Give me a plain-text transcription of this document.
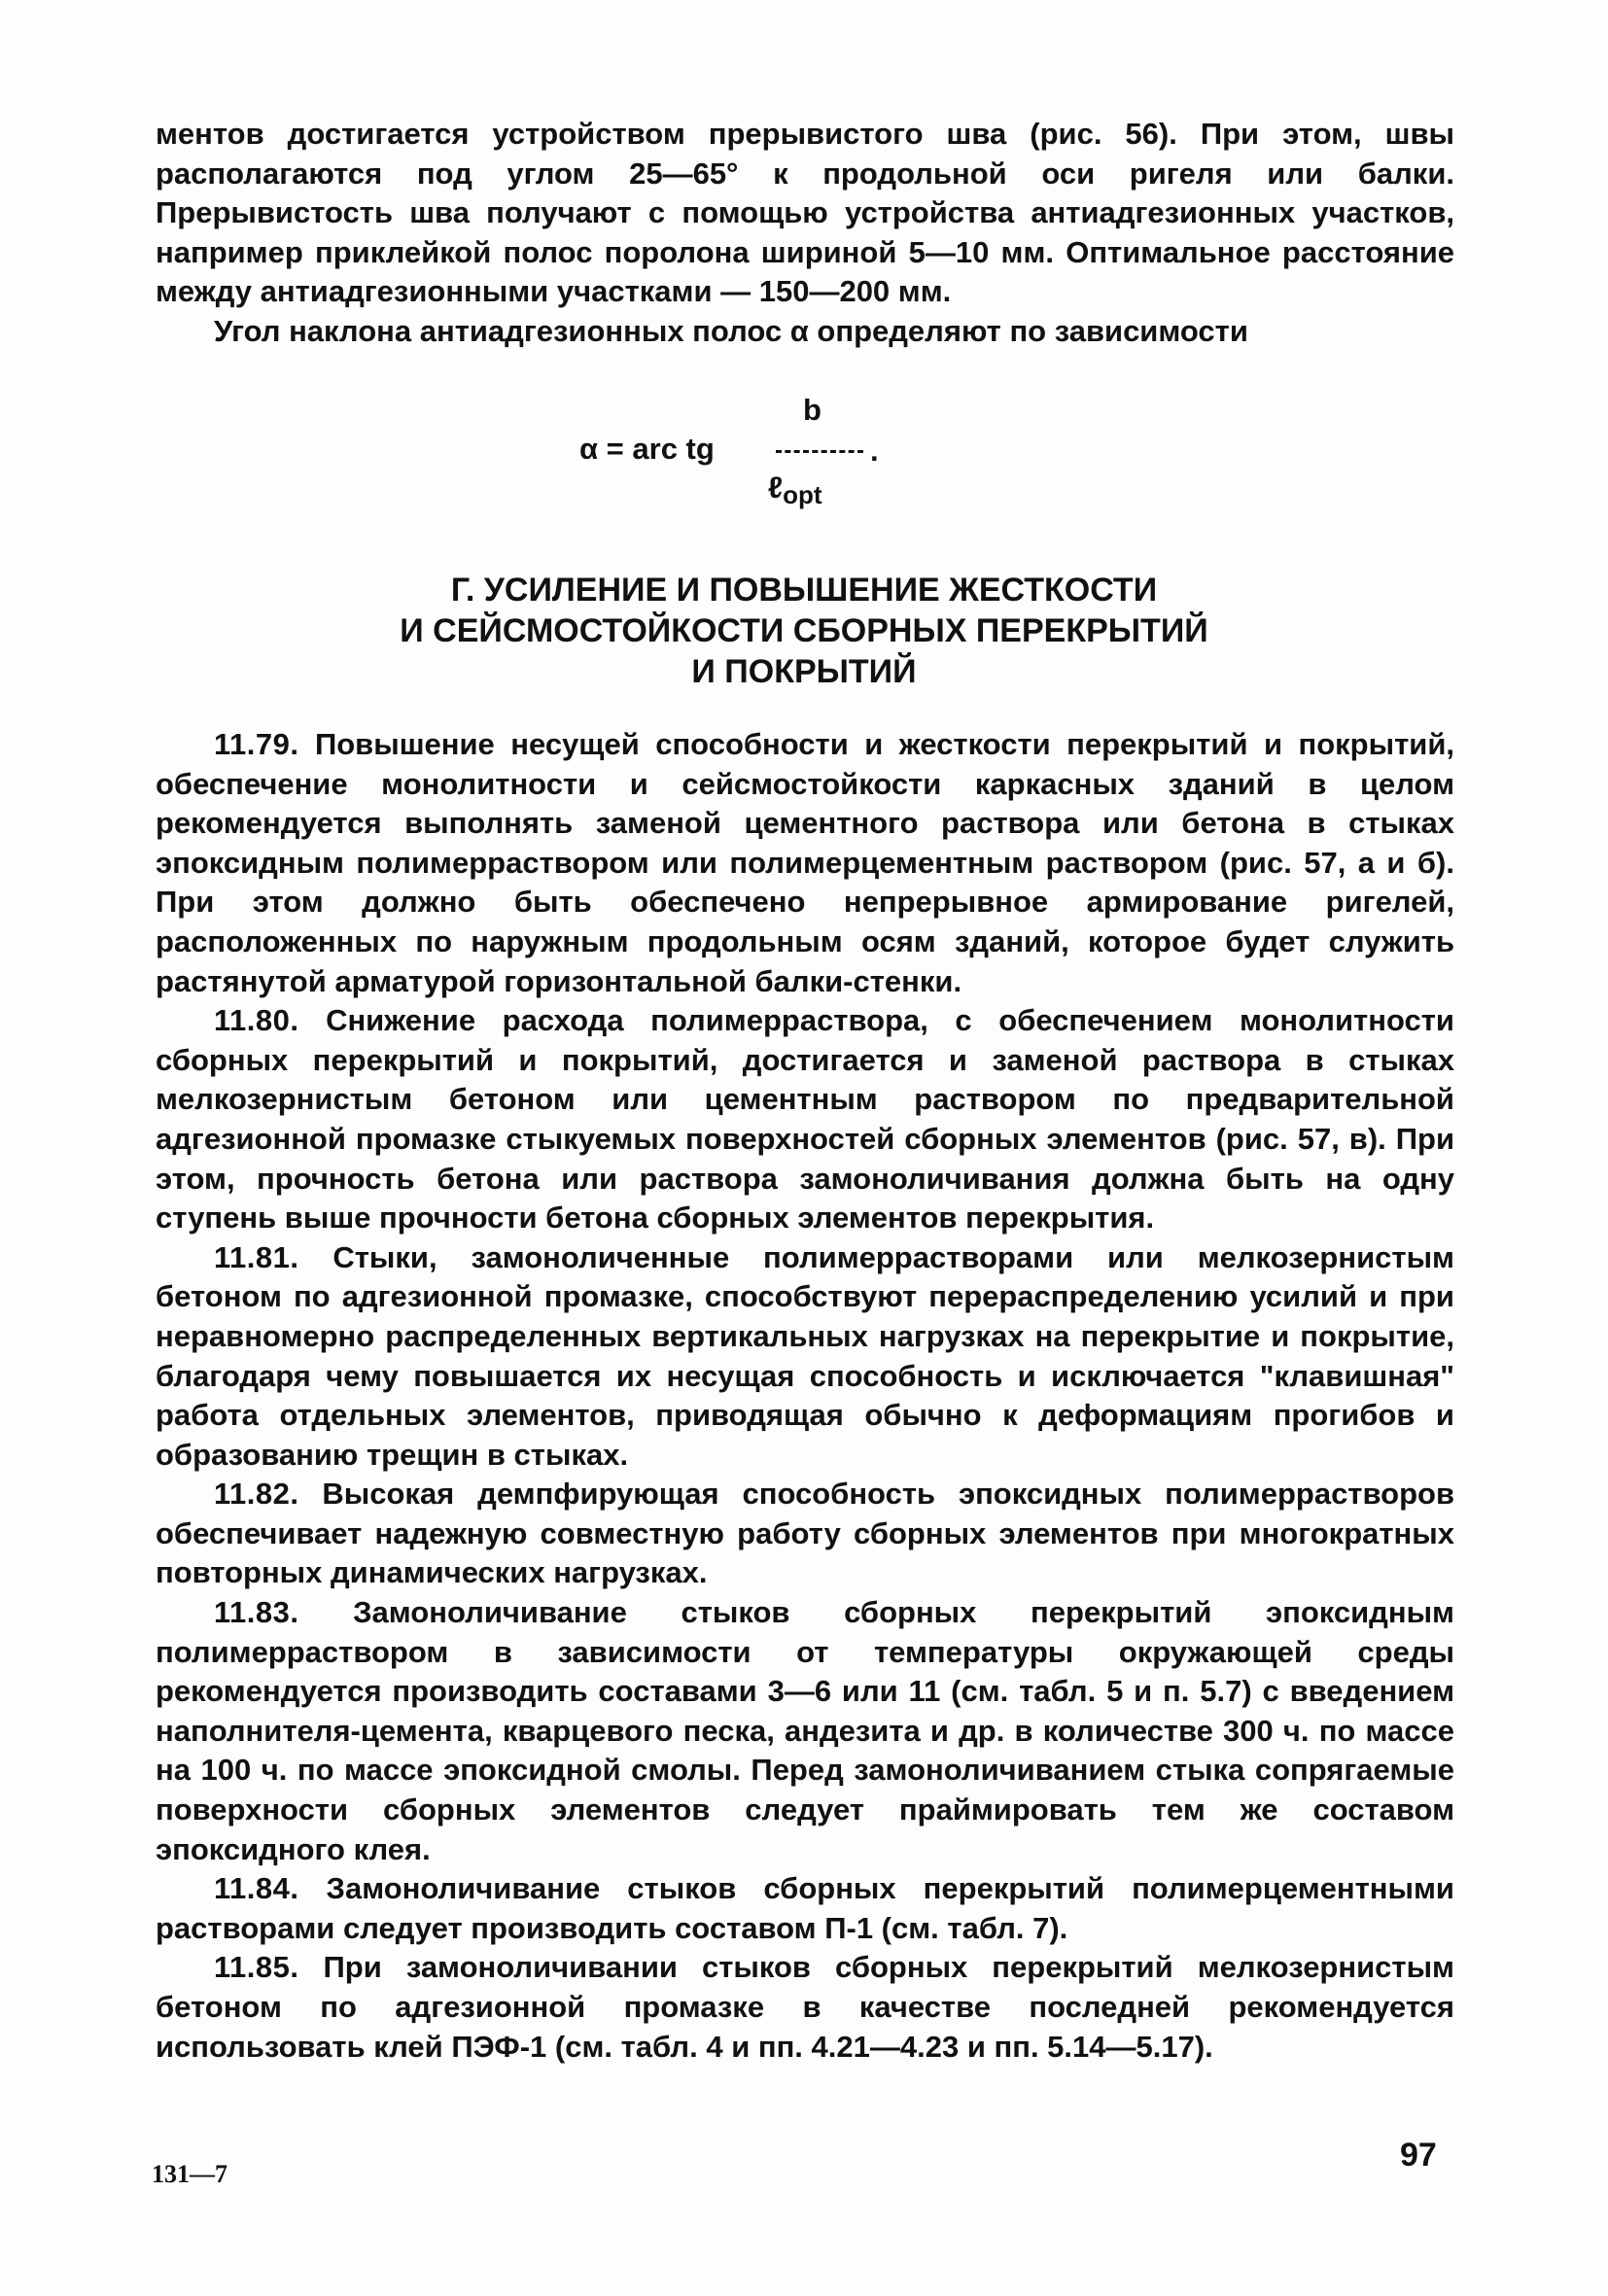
ментов достигается устройством прерывистого шва (рис. 56). При этом, швы располагаются под углом 25—65° к продольной оси ригеля или балки. Прерывистость шва получают с помощью устройства антиадгезионных участков, например приклейкой полос поролона шириной 5—10 мм. Оптимальное расстояние между антиадгезионными участками — 150—200 мм.

Угол наклона антиадгезионных полос α определяют по зависимости

b
α = arc tg	.
ℓ$_{opt}$
Г. УСИЛЕНИЕ И ПОВЫШЕНИЕ ЖЕСТКОСТИ
И СЕЙСМОСТОЙКОСТИ СБОРНЫХ ПЕРЕКРЫТИЙ
И ПОКРЫТИЙ

11.79. Повышение несущей способности и жесткости перекрытий и покрытий, обеспечение монолитности и сейсмостойкости каркасных зданий в целом рекомендуется выполнять заменой цементного раствора или бетона в стыках эпоксидным полимерраствором или полимерцементным раствором (рис. 57, а и б). При этом должно быть обеспечено непрерывное армирование ригелей, расположенных по наружным продольным осям зданий, которое будет служить растянутой арматурой горизонтальной балки-стенки.

11.80. Снижение расхода полимерраствора, с обеспечением монолитности сборных перекрытий и покрытий, достигается и заменой раствора в стыках мелкозернистым бетоном или цементным раствором по предварительной адгезионной промазке стыкуемых поверхностей сборных элементов (рис. 57, в). При этом, прочность бетона или раствора замоноличивания должна быть на одну ступень выше прочности бетона сборных элементов перекрытия.

11.81. Стыки, замоноличенные полимеррастворами или мелкозернистым бетоном по адгезионной промазке, способствуют перераспределению усилий и при неравномерно распределенных вертикальных нагрузках на перекрытие и покрытие, благодаря чему повышается их несущая способность и исключается "клавишная" работа отдельных элементов, приводящая обычно к деформациям прогибов и образованию трещин в стыках.

11.82. Высокая демпфирующая способность эпоксидных полимеррастворов обеспечивает надежную совместную работу сборных элементов при многократных повторных динамических нагрузках.

11.83. Замоноличивание стыков сборных перекрытий эпоксидным полимерраствором в зависимости от температуры окружающей среды рекомендуется производить составами 3—6 или 11 (см. табл. 5 и п. 5.7) с введением наполнителя-цемента, кварцевого песка, андезита и др. в количестве 300 ч. по массе на 100 ч. по массе эпоксидной смолы. Перед замоноличиванием стыка сопрягаемые поверхности сборных элементов следует праймировать тем же составом эпоксидного клея.

11.84. Замоноличивание стыков сборных перекрытий полимерцементными растворами следует производить составом П-1 (см. табл. 7).

11.85. При замоноличивании стыков сборных перекрытий мелкозернистым бетоном по адгезионной промазке в качестве последней рекомендуется использовать клей ПЭФ-1 (см. табл. 4 и пп. 4.21—4.23 и пп. 5.14—5.17).

131—7
97
